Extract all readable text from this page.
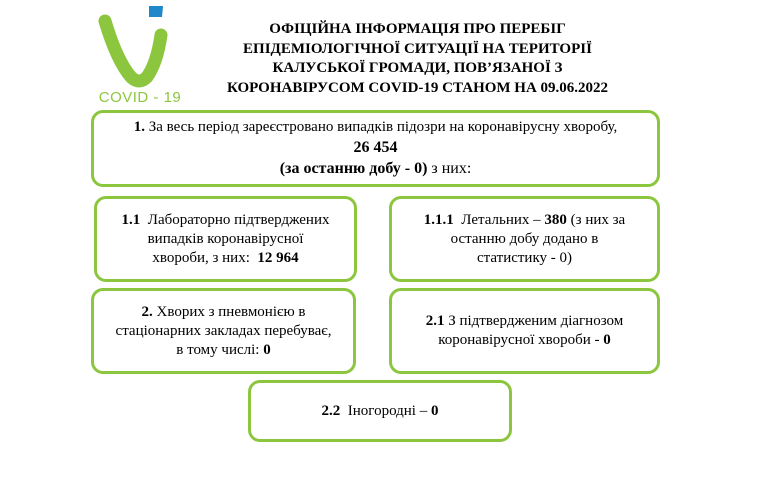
COVID - 19
ОФІЦІЙНА ІНФОРМАЦІЯ ПРО ПЕРЕБІГ
ЕПІДЕМІОЛОГІЧНОЇ СИТУАЦІЇ НА ТЕРИТОРІЇ
КАЛУСЬКОЇ ГРОМАДИ, ПОВ’ЯЗАНОЇ З
КОРОНАВІРУСОМ COVID-19 СТАНОМ НА 09.06.2022
1. За весь період зареєстровано випадків підозри на коронавірусну хворобу,
26 454
(за останню добу - 0) з них:
1.1 Лабораторно підтверджених
випадків коронавірусної
хвороби, з них: 12 964
1.1.1 Летальних – 380 (з них за
останню добу додано в
статистику - 0)
2. Хворих з пневмонією в
стаціонарних закладах перебуває,
в тому числі: 0
2.1 З підтвердженим діагнозом
коронавірусної хвороби - 0
2.2 Іногородні – 0
